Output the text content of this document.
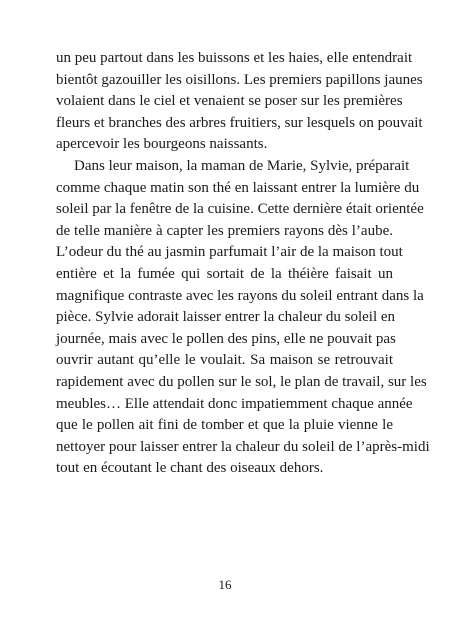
un peu partout dans les buissons et les haies, elle entendrait
bientôt gazouiller les oisillons. Les premiers papillons jaunes
volaient dans le ciel et venaient se poser sur les premières
fleurs et branches des arbres fruitiers, sur lesquels on pouvait
apercevoir les bourgeons naissants.

Dans leur maison, la maman de Marie, Sylvie, préparait
comme chaque matin son thé en laissant entrer la lumière du
soleil par la fenêtre de la cuisine. Cette dernière était orientée
de telle manière à capter les premiers rayons dès l’aube.
L’odeur du thé au jasmin parfumait l’air de la maison tout
entière et la fumée qui sortait de la théière faisait un
magnifique contraste avec les rayons du soleil entrant dans la
pièce. Sylvie adorait laisser entrer la chaleur du soleil en
journée, mais avec le pollen des pins, elle ne pouvait pas
ouvrir autant qu’elle le voulait. Sa maison se retrouvait
rapidement avec du pollen sur le sol, le plan de travail, sur les
meubles… Elle attendait donc impatiemment chaque année
que le pollen ait fini de tomber et que la pluie vienne le
nettoyer pour laisser entrer la chaleur du soleil de l’après-midi
tout en écoutant le chant des oiseaux dehors.

16
